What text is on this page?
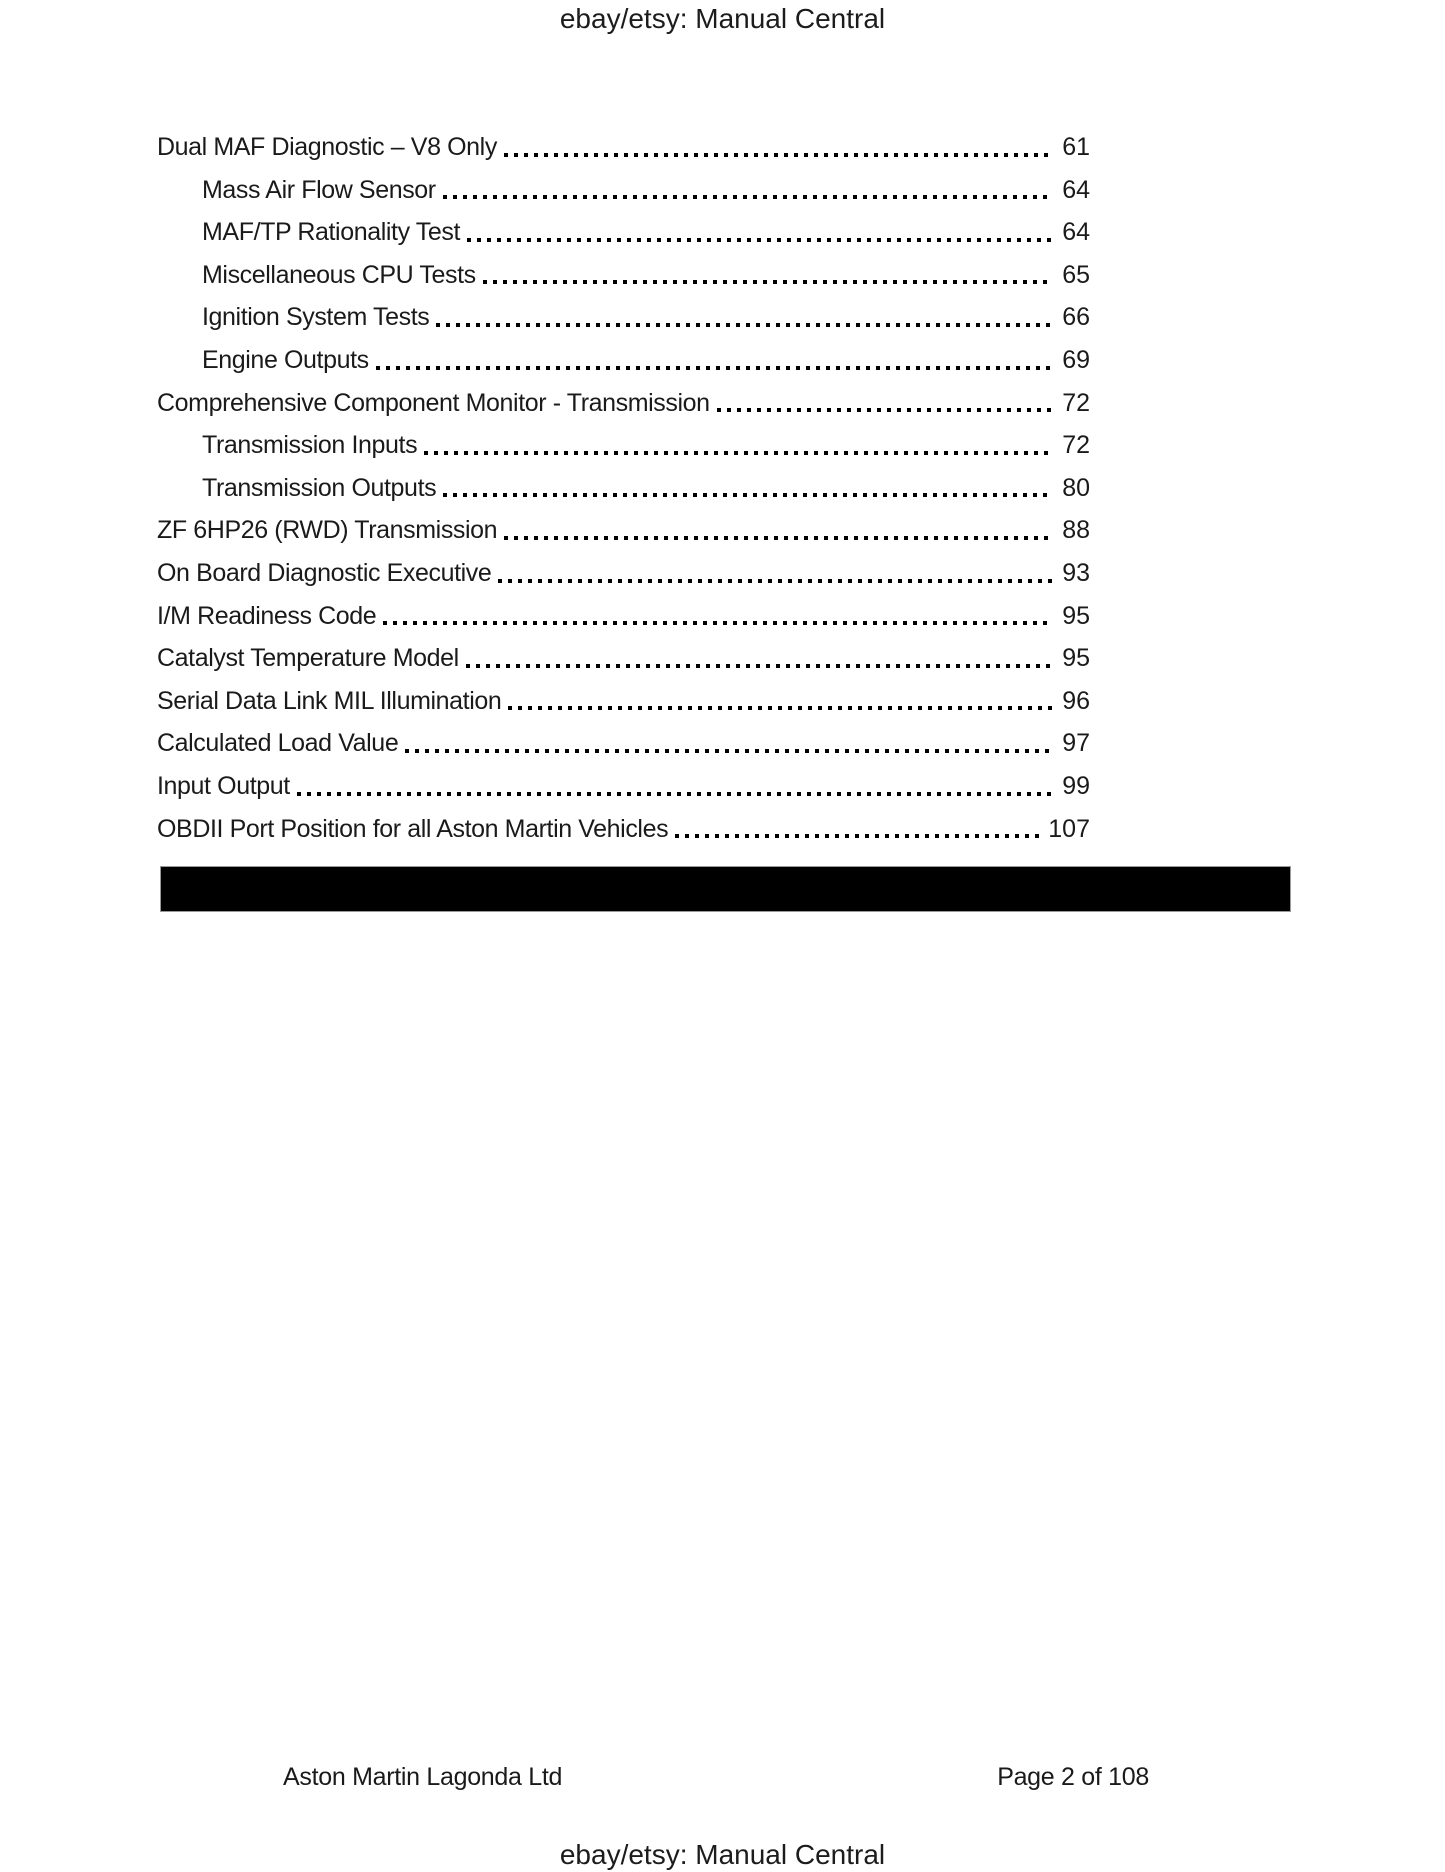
ebay/etsy: Manual Central
Dual MAF Diagnostic – V8 Only	61
Mass Air Flow Sensor	64
MAF/TP Rationality Test	64
Miscellaneous CPU Tests	65
Ignition System Tests	66
Engine Outputs	69
Comprehensive Component Monitor - Transmission	72
Transmission Inputs	72
Transmission Outputs	80
ZF 6HP26 (RWD) Transmission	88
On Board Diagnostic Executive	93
I/M Readiness Code	95
Catalyst Temperature Model	95
Serial Data Link MIL Illumination	96
Calculated Load Value	97
Input Output	99
OBDII Port Position for all Aston Martin Vehicles	107
Aston Martin Lagonda Ltd	Page 2 of 108
ebay/etsy: Manual Central
